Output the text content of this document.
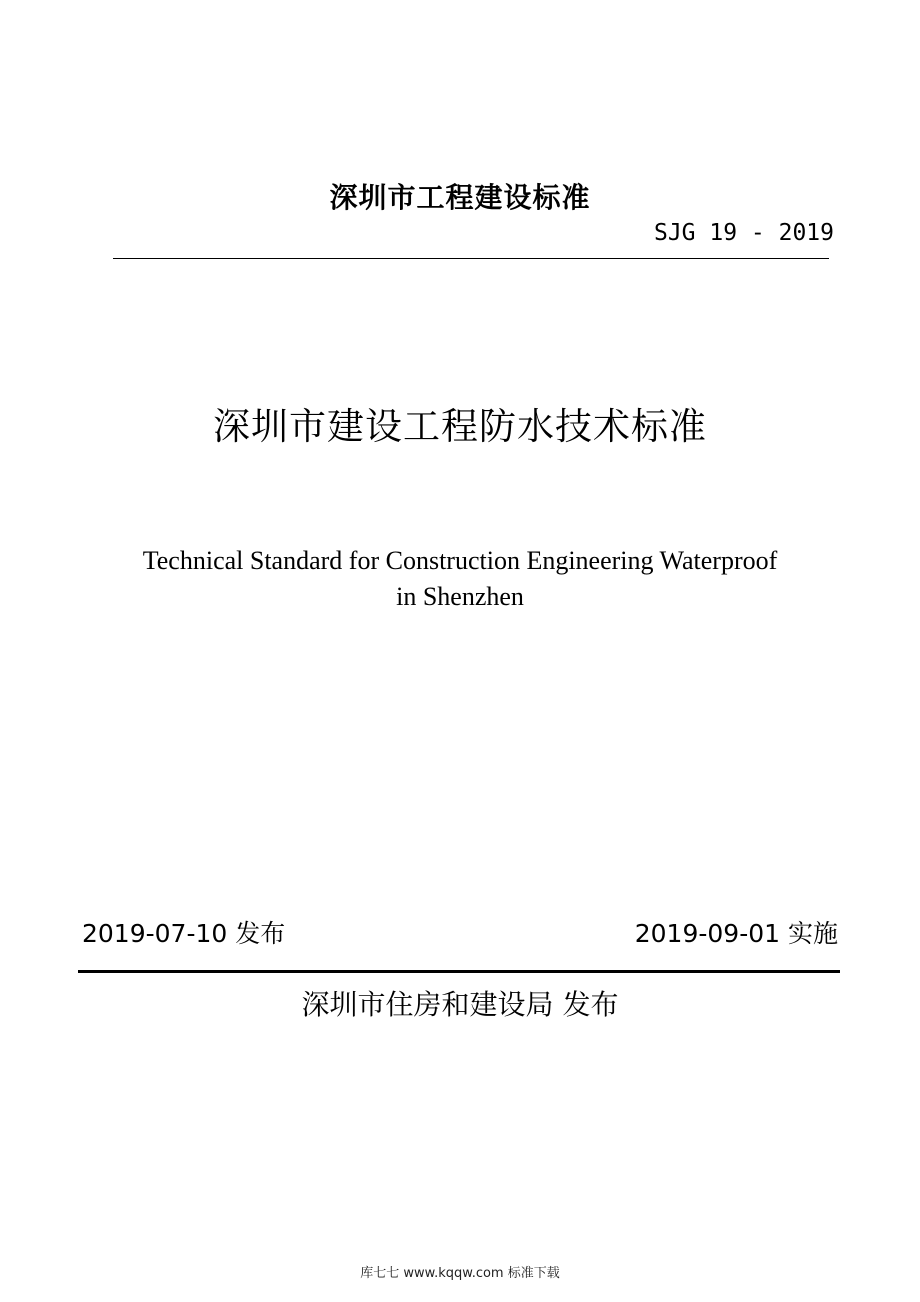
深圳市工程建设标准
SJG 19 - 2019
深圳市建设工程防水技术标准
Technical Standard for Construction Engineering Waterproof
in Shenzhen
2019-07-10 发布	2019-09-01 实施
深圳市住房和建设局 发布
库七七 www.kqqw.com 标准下载
